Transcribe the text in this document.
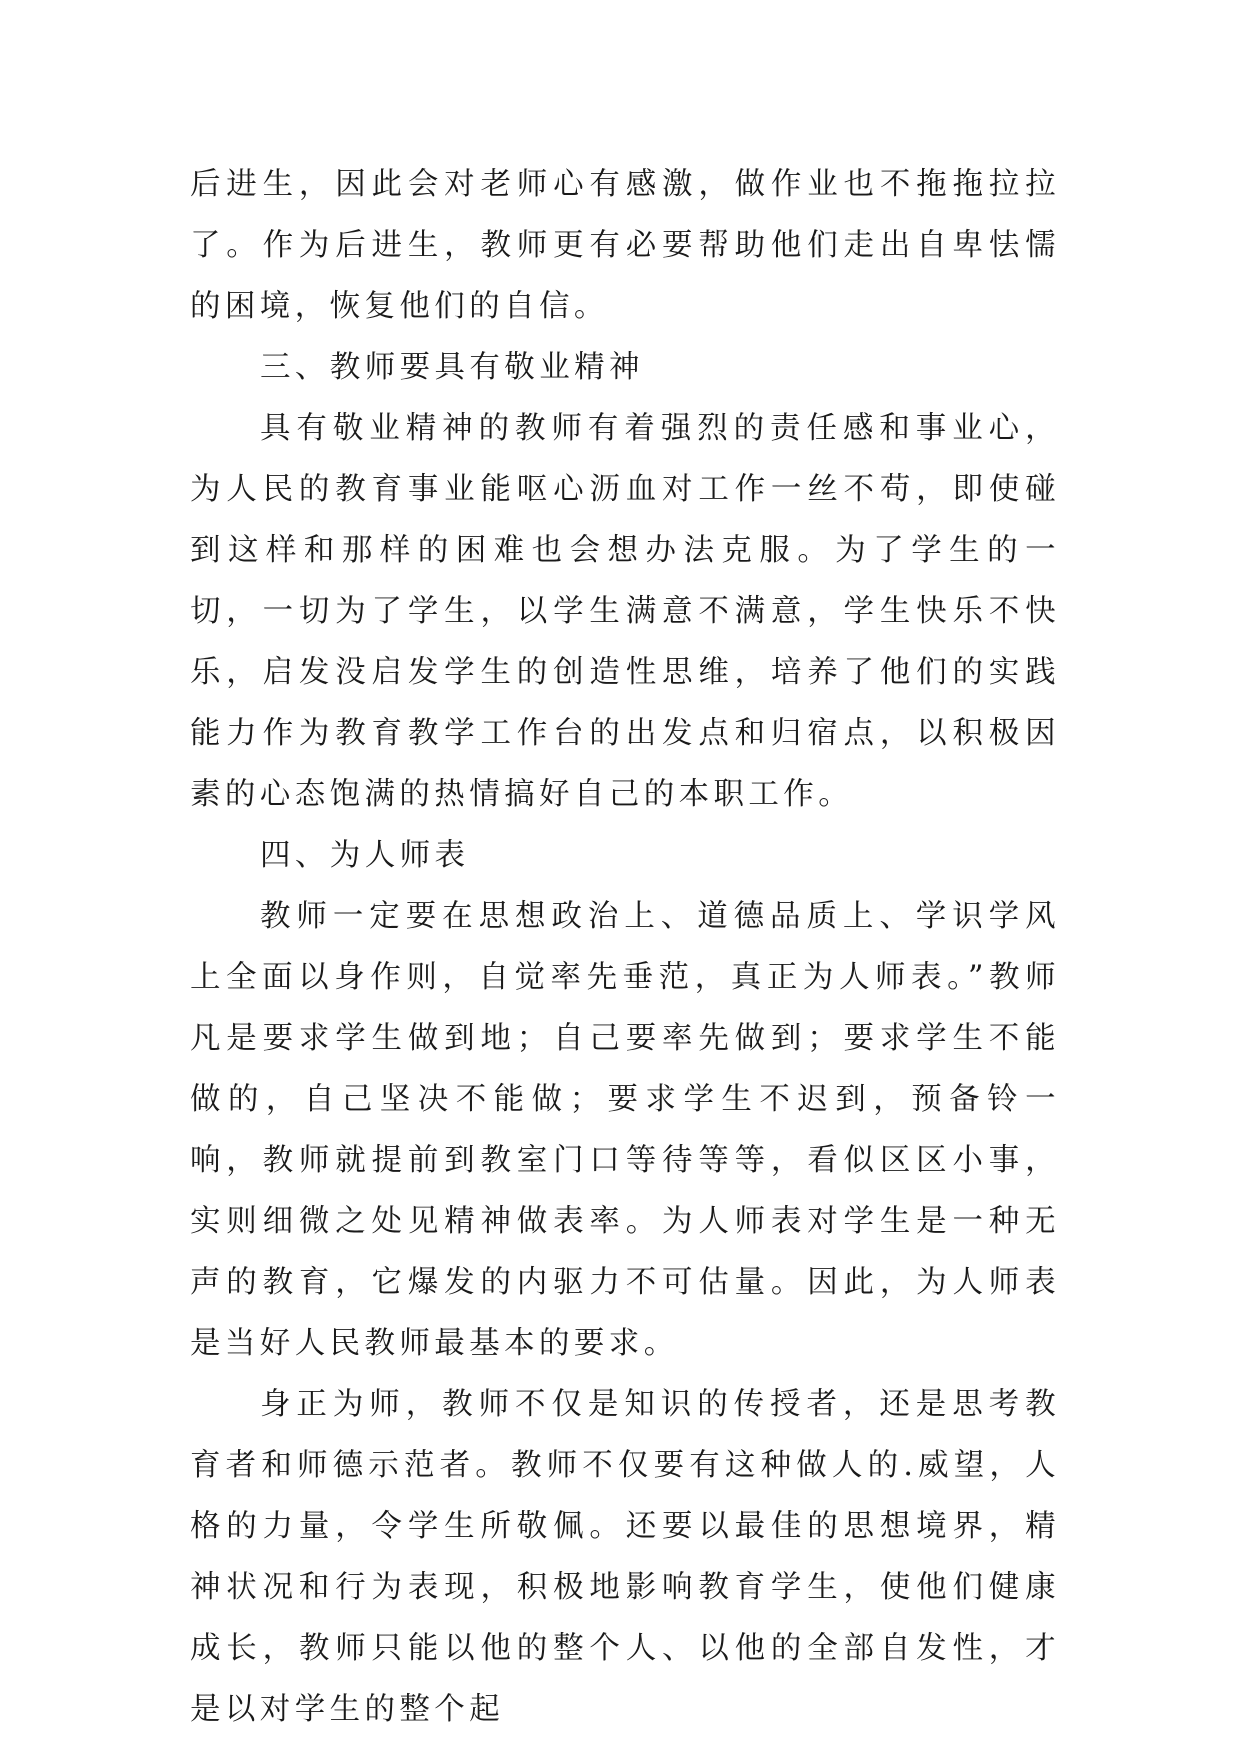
后进生，因此会对老师心有感激，做作业也不拖拖拉拉了。作为后进生，教师更有必要帮助他们走出自卑怯懦的困境，恢复他们的自信。

三、教师要具有敬业精神

具有敬业精神的教师有着强烈的责任感和事业心，为人民的教育事业能呕心沥血对工作一丝不苟，即使碰到这样和那样的困难也会想办法克服。为了学生的一切，一切为了学生，以学生满意不满意，学生快乐不快乐，启发没启发学生的创造性思维，培养了他们的实践能力作为教育教学工作台的出发点和归宿点，以积极因素的心态饱满的热情搞好自己的本职工作。

四、为人师表

教师一定要在思想政治上、道德品质上、学识学风上全面以身作则，自觉率先垂范，真正为人师表。”教师凡是要求学生做到地；自己要率先做到；要求学生不能做的，自己坚决不能做；要求学生不迟到，预备铃一响，教师就提前到教室门口等待等等，看似区区小事，实则细微之处见精神做表率。为人师表对学生是一种无声的教育，它爆发的内驱力不可估量。因此，为人师表是当好人民教师最基本的要求。

身正为师，教师不仅是知识的传授者，还是思考教育者和师德示范者。教师不仅要有这种做人的.威望，人格的力量，令学生所敬佩。还要以最佳的思想境界，精神状况和行为表现，积极地影响教育学生，使他们健康成长，教师只能以他的整个人、以他的全部自发性，才是以对学生的整个起
